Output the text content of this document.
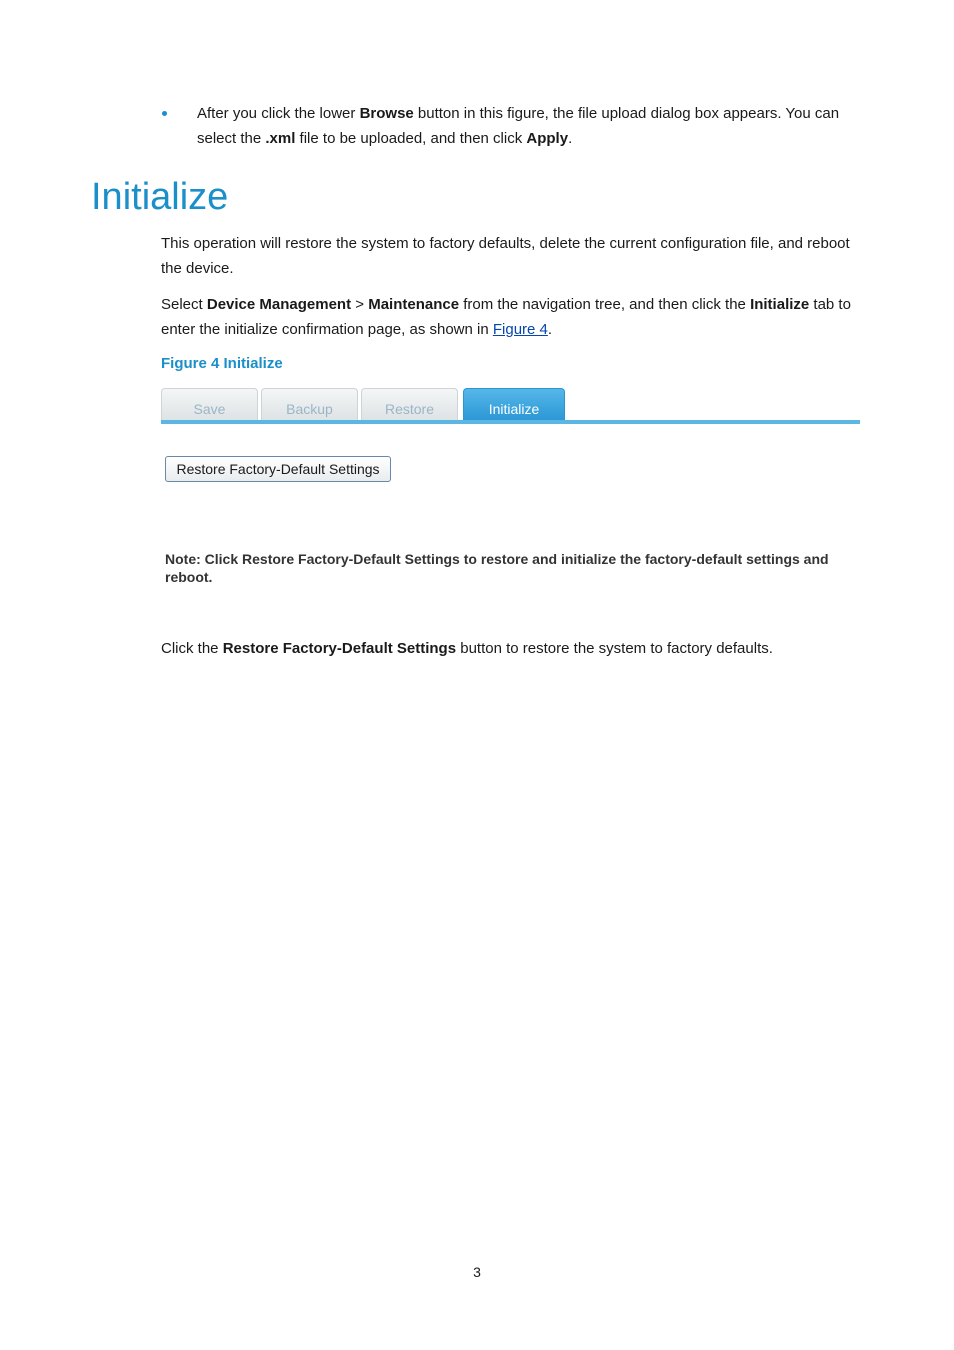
After you click the lower Browse button in this figure, the file upload dialog box appears. You can select the .xml file to be uploaded, and then click Apply.
Initialize
This operation will restore the system to factory defaults, delete the current configuration file, and reboot the device.
Select Device Management > Maintenance from the navigation tree, and then click the Initialize tab to enter the initialize confirmation page, as shown in Figure 4.
Figure 4 Initialize
Save	Backup	Restore	Initialize
Restore Factory-Default Settings
Note: Click Restore Factory-Default Settings to restore and initialize the factory-default settings and reboot.
Click the Restore Factory-Default Settings button to restore the system to factory defaults.
3
